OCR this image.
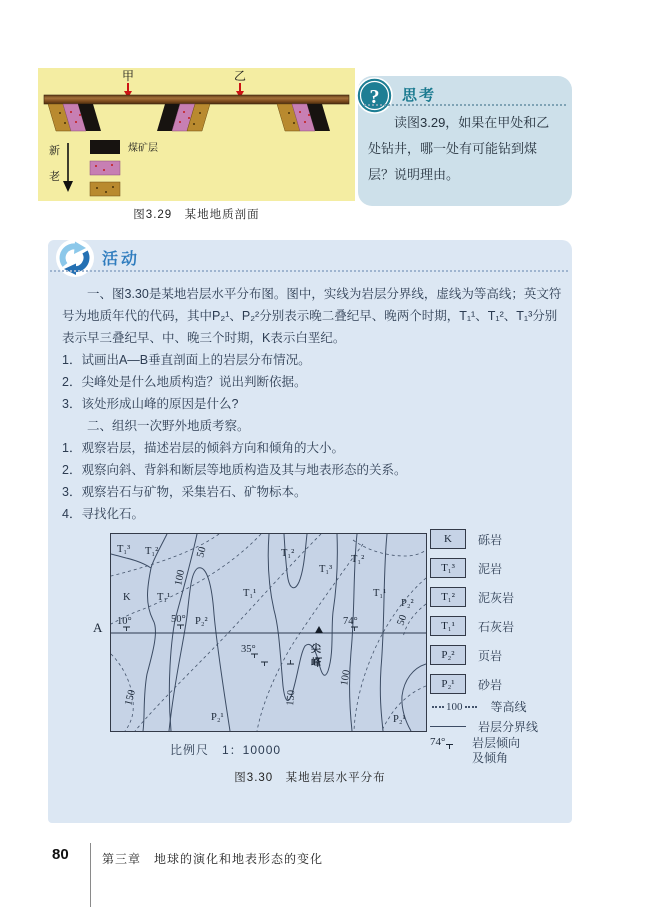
甲	乙
新
老
煤矿层
图3.29　某地地质剖面
? 思考
读图3.29，如果在甲处和乙处钻井，哪一处有可能钻到煤层？说明理由。
活动

一、图3.30是某地岩层水平分布图。图中，实线为岩层分界线，虚线为等高线；英文符号为地质年代的代码，其中P₂¹、P₂²分别表示晚二叠纪早、晚两个时期，T₁¹、T₁²、T₁³分别表示早三叠纪早、中、晚三个时期，K表示白垩纪。

1．试画出A—B垂直剖面上的岩层分布情况。

2．尖峰处是什么地质构造？说出判断依据。

3．该处形成山峰的原因是什么?

二、组织一次野外地质考察。

1．观察岩层，描述岩层的倾斜方向和倾角的大小。

2．观察向斜、背斜和断层等地质构造及其与地表形态的关系。

3．观察岩石与矿物，采集岩石、矿物标本。

4．寻找化石。

A
T₁³ T₁²	50	T₁²
T₁³
T₁²
100
K	T₁¹	T₁¹	T₁¹
P₂²
10°	50° P₂²	74°	50
35°	尖
峰
100
150
150
P₂¹	P₂¹
K	砾岩
T₁³	泥岩
T₁²	泥灰岩
T₁¹	石灰岩
P₂²	页岩
P₂¹	砂岩
100 等高线
岩层分界线
74°	岩层倾向
及倾角
比例尺　1：10000
图3.30　某地岩层水平分布
80	第三章　地球的演化和地表形态的变化
